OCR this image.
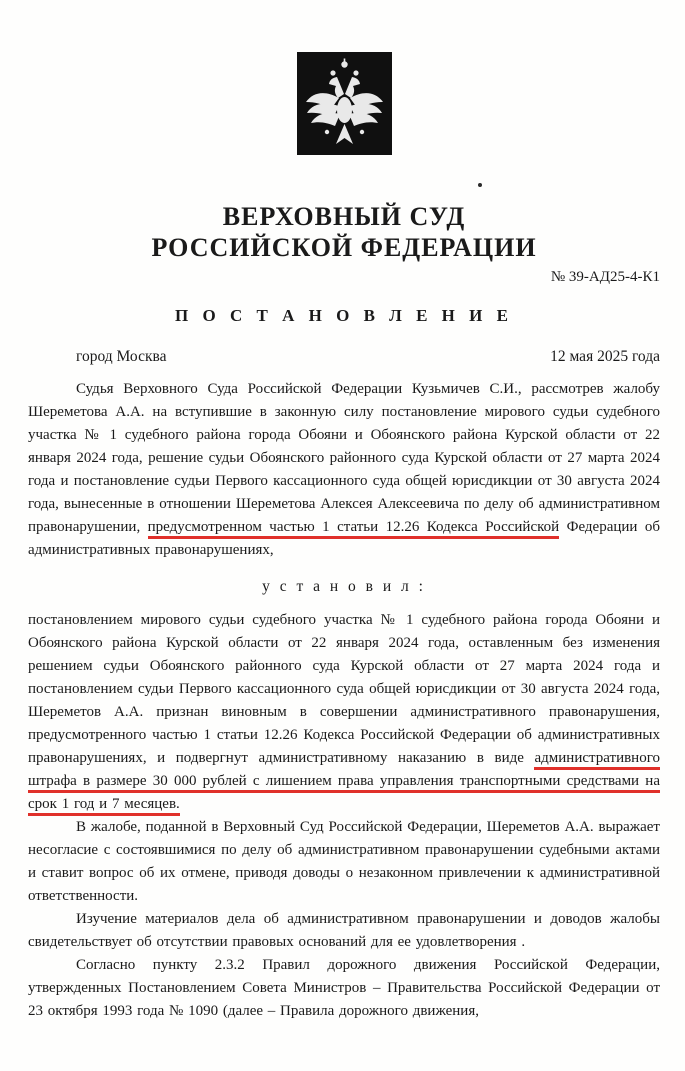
ВЕРХОВНЫЙ СУД
РОССИЙСКОЙ ФЕДЕРАЦИИ
№ 39-АД25-4-К1
П О С Т А Н О В Л Е Н И Е
город Москва	12 мая 2025 года

Судья Верховного Суда Российской Федерации Кузьмичев С.И., рассмотрев жалобу Шереметова А.А. на вступившие в законную силу постановление мирового судьи судебного участка № 1 судебного района города Обояни и Обоянского района Курской области от 22 января 2024 года, решение судьи Обоянского районного суда Курской области от 27 марта 2024 года и постановление судьи Первого кассационного суда общей юрисдикции от 30 августа 2024 года, вынесенные в отношении Шереметова Алексея Алексеевича по делу об административном правонарушении, предусмотренном частью 1 статьи 12.26 Кодекса Российской Федерации об административных правонарушениях,

у с т а н о в и л :

постановлением мирового судьи судебного участка № 1 судебного района города Обояни и Обоянского района Курской области от 22 января 2024 года, оставленным без изменения решением судьи Обоянского районного суда Курской области от 27 марта 2024 года и постановлением судьи Первого кассационного суда общей юрисдикции от 30 августа 2024 года, Шереметов А.А. признан виновным в совершении административного правонарушения, предусмотренного частью 1 статьи 12.26 Кодекса Российской Федерации об административных правонарушениях, и подвергнут административному наказанию в виде административного штрафа в размере 30 000 рублей с лишением права управления транспортными средствами на срок 1 год и 7 месяцев.

В жалобе, поданной в Верховный Суд Российской Федерации, Шереметов А.А. выражает несогласие с состоявшимися по делу об административном правонарушении судебными актами и ставит вопрос об их отмене, приводя доводы о незаконном привлечении к административной ответственности.

Изучение материалов дела об административном правонарушении и доводов жалобы свидетельствует об отсутствии правовых оснований для ее удовлетворения .

Согласно пункту 2.3.2 Правил дорожного движения Российской Федерации, утвержденных Постановлением Совета Министров – Правительства Российской Федерации от 23 октября 1993 года № 1090 (далее – Правила дорожного движения,
